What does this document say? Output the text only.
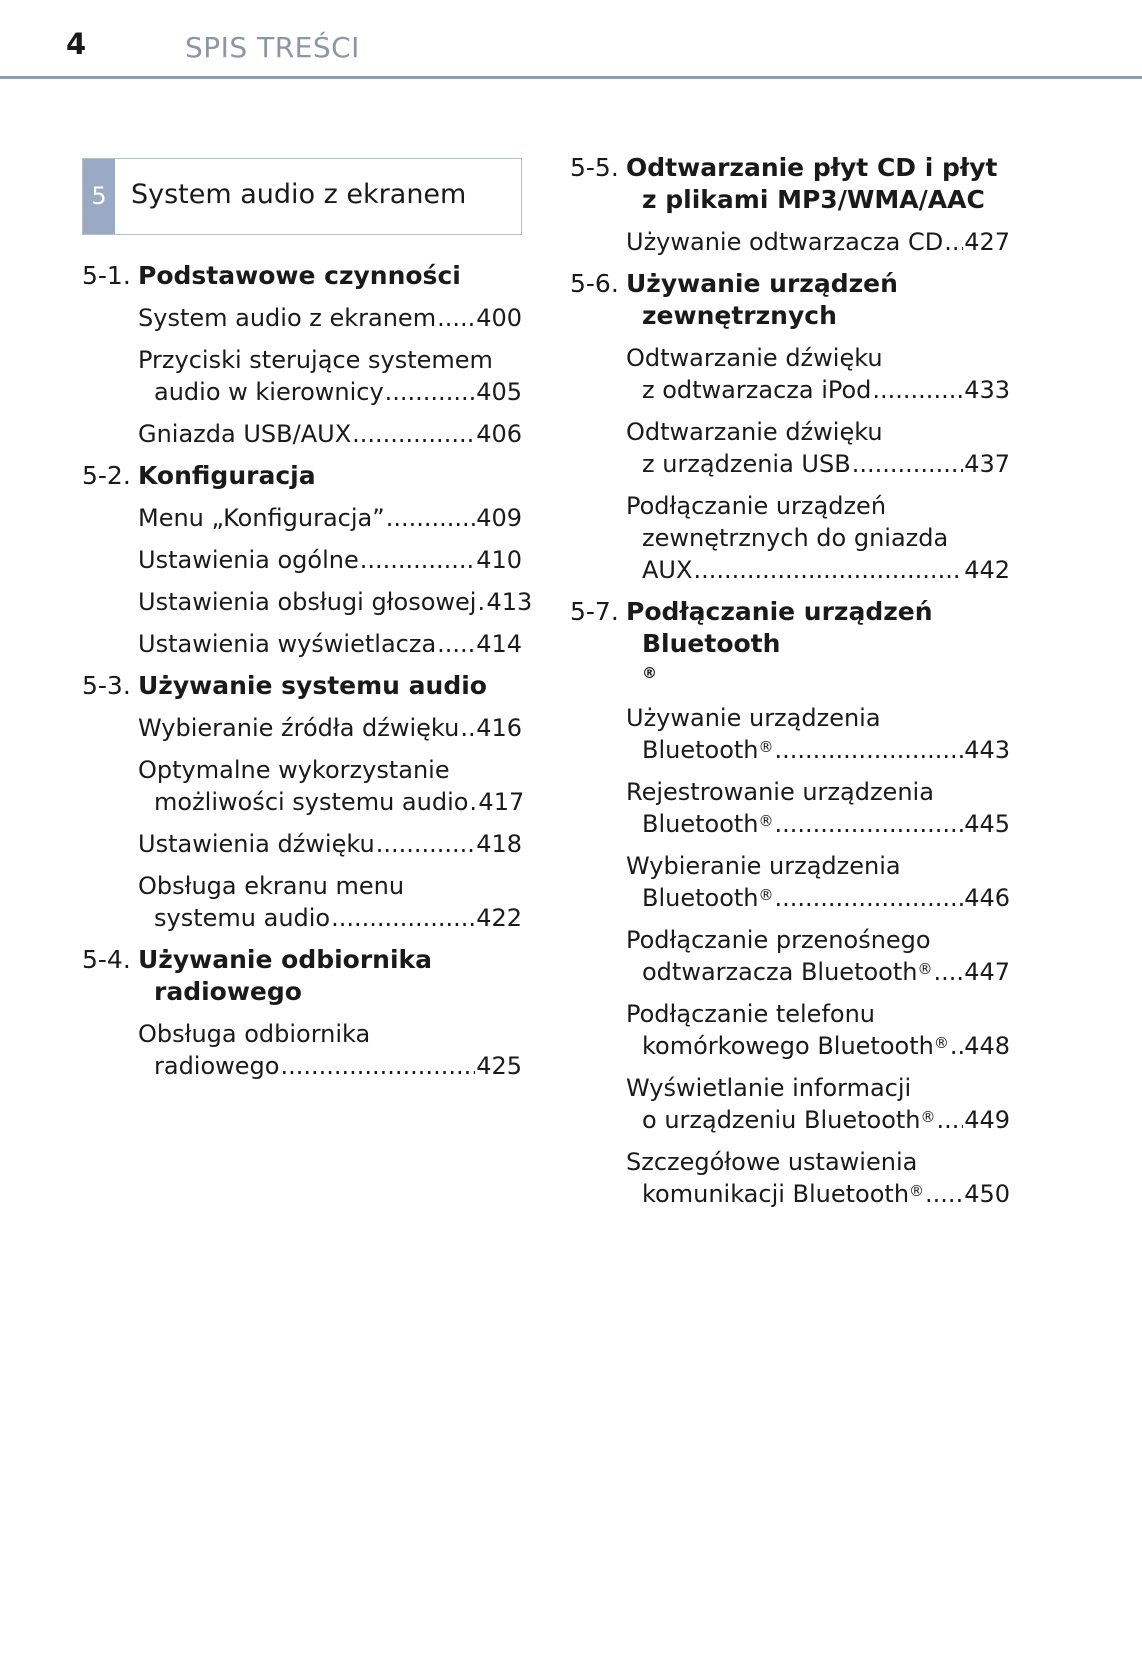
4	SPIS TREŚCI
5 System audio z ekranem
5-1. Podstawowe czynności
System audio z ekranem ..... 400
Przyciski sterujące systemem
audio w kierownicy .....	405
Gniazda USB/AUX .....	406
5-2. Konfiguracja
Menu „Konfiguracja” .....	409
Ustawienia ogólne .....	410
Ustawienia obsługi głosowej ..... 413
Ustawienia wyświetlacza ..... 414
5-3. Używanie systemu audio
Wybieranie źródła dźwięku ..... 416
Optymalne wykorzystanie
możliwości systemu audio ..... 417
Ustawienia dźwięku .....	418
Obsługa ekranu menu
systemu audio .....	422
5-4. Używanie odbiornika
radiowego
Obsługa odbiornika
radiowego .....	425
5-5. Odtwarzanie płyt CD i płyt
z plikami MP3/WMA/AAC
Używanie odtwarzacza CD ..... 427
5-6. Używanie urządzeń
zewnętrznych
Odtwarzanie dźwięku
z odtwarzacza iPod .....	433
Odtwarzanie dźwięku
z urządzenia USB .....	437
Podłączanie urządzeń
zewnętrznych do gniazda
AUX .....	442
5-7. Podłączanie urządzeń
Bluetooth
®
Używanie urządzenia
Bluetooth® .....	443
Rejestrowanie urządzenia
Bluetooth® .....	445
Wybieranie urządzenia
Bluetooth® .....	446
Podłączanie przenośnego
odtwarzacza Bluetooth® ..... 447
Podłączanie telefonu
komórkowego Bluetooth® ..... 448
Wyświetlanie informacji
o urządzeniu Bluetooth® ..... 449
Szczegółowe ustawienia
komunikacji Bluetooth® ..... 450
